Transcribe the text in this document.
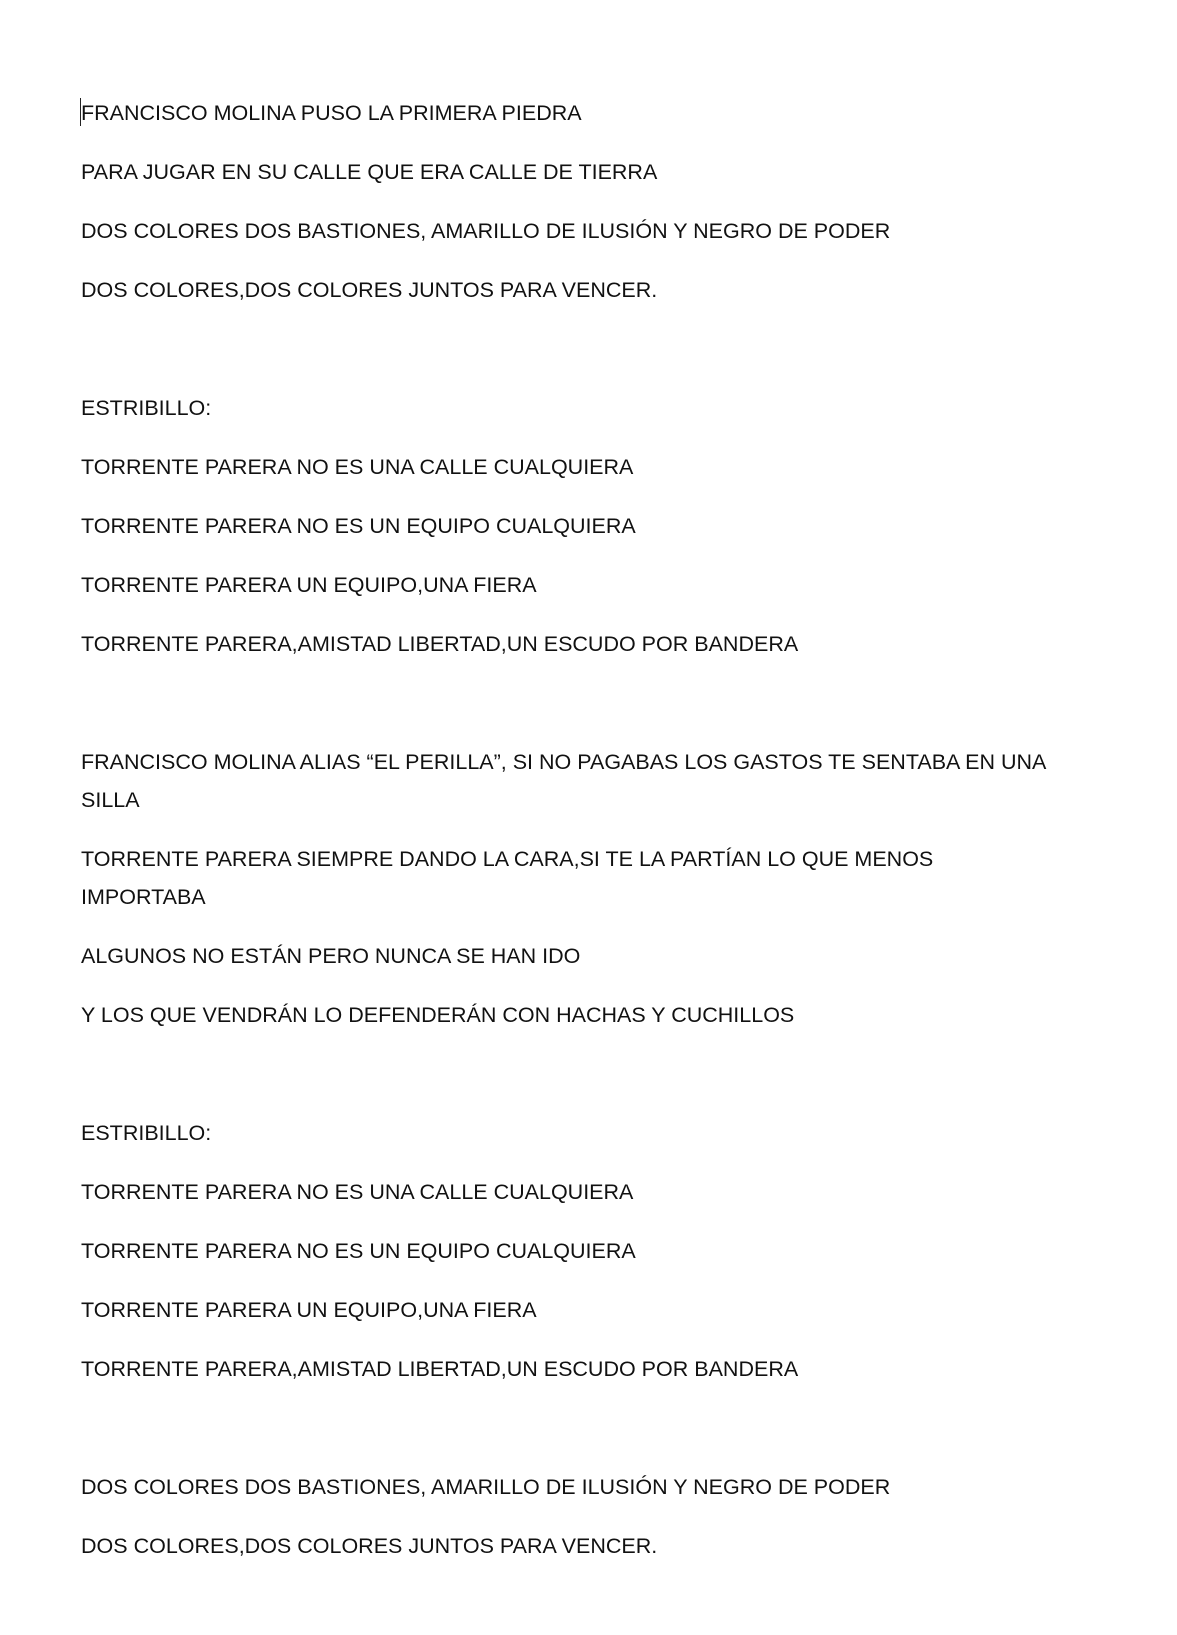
FRANCISCO MOLINA PUSO LA PRIMERA PIEDRA
PARA JUGAR EN SU CALLE QUE ERA CALLE DE TIERRA
DOS COLORES DOS BASTIONES, AMARILLO DE ILUSIÓN Y NEGRO DE PODER
DOS COLORES,DOS COLORES JUNTOS PARA VENCER.
ESTRIBILLO:
TORRENTE PARERA NO ES UNA CALLE CUALQUIERA
TORRENTE PARERA NO ES UN EQUIPO CUALQUIERA
TORRENTE PARERA UN EQUIPO,UNA FIERA
TORRENTE PARERA,AMISTAD LIBERTAD,UN ESCUDO POR BANDERA
FRANCISCO MOLINA ALIAS “EL PERILLA”, SI NO PAGABAS LOS GASTOS TE SENTABA EN UNA SILLA
TORRENTE PARERA SIEMPRE DANDO LA CARA,SI TE LA PARTÍAN LO QUE MENOS IMPORTABA
ALGUNOS NO ESTÁN PERO NUNCA SE HAN IDO
Y LOS QUE VENDRÁN LO DEFENDERÁN CON HACHAS Y CUCHILLOS
ESTRIBILLO:
TORRENTE PARERA NO ES UNA CALLE CUALQUIERA
TORRENTE PARERA NO ES UN EQUIPO CUALQUIERA
TORRENTE PARERA UN EQUIPO,UNA FIERA
TORRENTE PARERA,AMISTAD LIBERTAD,UN ESCUDO POR BANDERA
DOS COLORES DOS BASTIONES, AMARILLO DE ILUSIÓN Y NEGRO DE PODER
DOS COLORES,DOS COLORES JUNTOS PARA VENCER.
